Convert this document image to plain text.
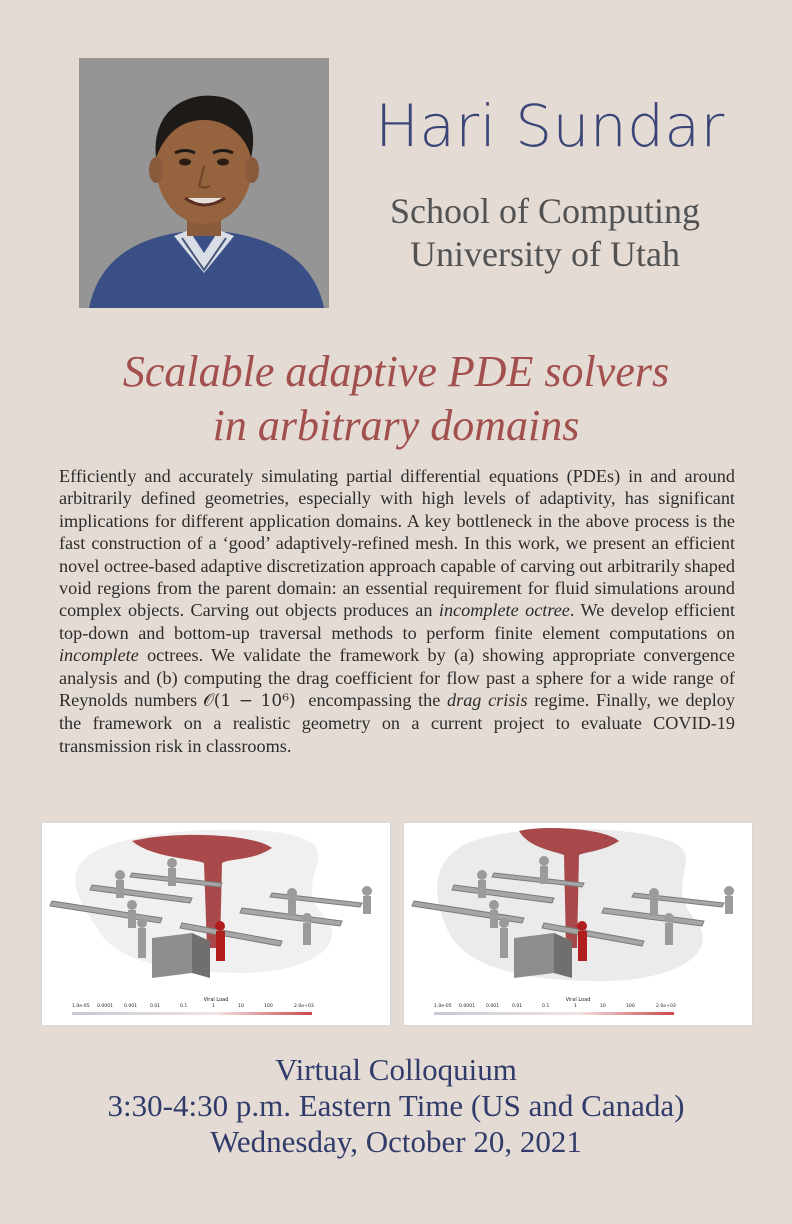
Hari Sundar
School of Computing
University of Utah
Scalable adaptive PDE solvers
in arbitrary domains
Efficiently and accurately simulating partial differential equations (PDEs) in and around arbitrarily defined geometries, especially with high levels of adaptivity, has significant implications for different application domains. A key bottleneck in the above process is the fast construction of a ‘good’ adaptively-refined mesh. In this work, we present an efficient novel octree-based adaptive discretization approach capable of carving out arbitrarily shaped void regions from the parent domain: an essential requirement for fluid simulations around complex objects. Carving out objects produces an incomplete octree. We develop efficient top-down and bottom-up traversal methods to perform finite element computations on incomplete octrees. We validate the framework by (a) showing appropriate convergence analysis and (b) computing the drag coefficient for flow past a sphere for a wide range of Reynolds numbers 𝒪(1 − 10⁶) encompassing the drag crisis regime. Finally, we deploy the framework on a realistic geometry on a current project to evaluate COVID-19 transmission risk in classrooms.
Viral Load
1.0e-05 0.0001 0.001	0.01	0.1	1	10	100	2.0e+03
Viral Load
1.0e-05 0.0001 0.001	0.01	0.1	1	10	100	2.0e+03
Virtual Colloquium
3:30-4:30 p.m. Eastern Time (US and Canada)
Wednesday, October 20, 2021
